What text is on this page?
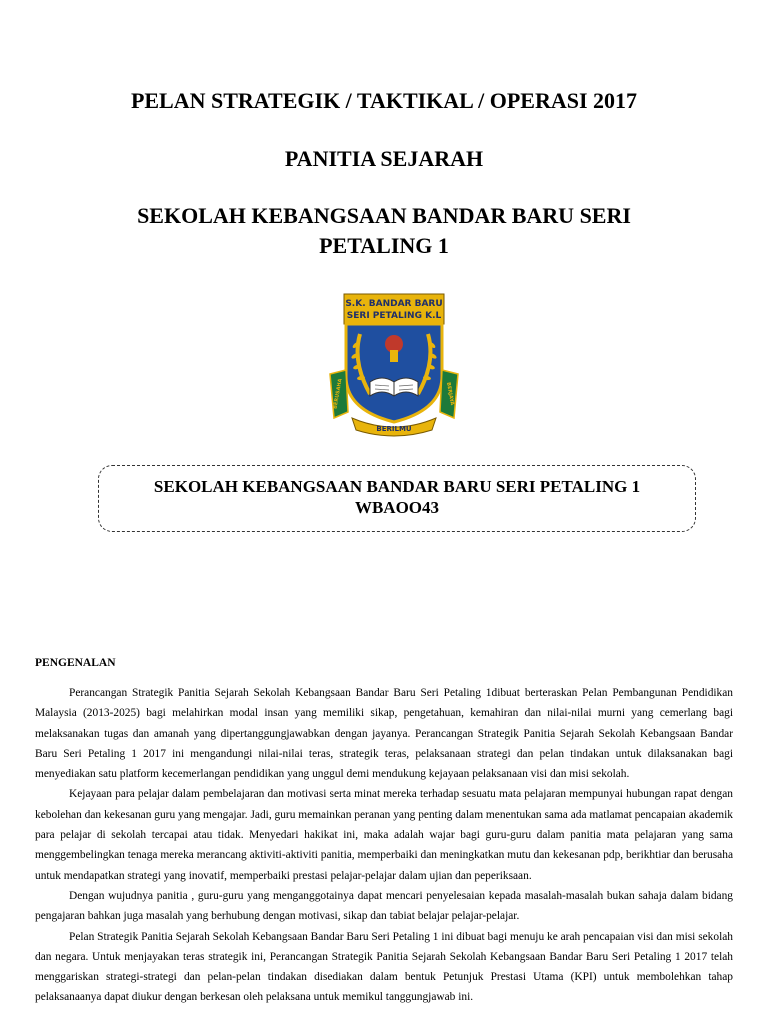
PELAN STRATEGIK / TAKTIKAL / OPERASI 2017
PANITIA SEJARAH
SEKOLAH KEBANGSAAN BANDAR BARU SERI
PETALING 1
S.K. BANDAR BARU
SERI PETALING K.L
BERUSAHA	BERJAYA
BERILMU
SEKOLAH KEBANGSAAN BANDAR BARU SERI PETALING 1
WBAOO43
PENGENALAN

Perancangan Strategik Panitia Sejarah Sekolah Kebangsaan Bandar Baru Seri Petaling 1dibuat berteraskan Pelan Pembangunan Pendidikan Malaysia (2013-2025) bagi melahirkan modal insan yang memiliki sikap, pengetahuan, kemahiran dan nilai-nilai murni yang cemerlang bagi melaksanakan tugas dan amanah yang dipertanggungjawabkan dengan jayanya. Perancangan Strategik Panitia Sejarah Sekolah Kebangsaan Bandar Baru Seri Petaling 1 2017 ini mengandungi nilai-nilai teras, strategik teras, pelaksanaan strategi dan pelan tindakan untuk dilaksanakan bagi menyediakan satu platform kecemerlangan pendidikan yang unggul demi mendukung kejayaan pelaksanaan visi dan misi sekolah.

Kejayaan para pelajar dalam pembelajaran dan motivasi serta minat mereka terhadap sesuatu mata pelajaran mempunyai hubungan rapat dengan kebolehan dan kekesanan guru yang mengajar. Jadi, guru memainkan peranan yang penting dalam menentukan sama ada matlamat pencapaian akademik para pelajar di sekolah tercapai atau tidak. Menyedari hakikat ini, maka adalah wajar bagi guru-guru dalam panitia mata pelajaran yang sama menggembelingkan tenaga mereka merancang aktiviti-aktiviti panitia, memperbaiki dan meningkatkan mutu dan kekesanan pdp, berikhtiar dan berusaha untuk mendapatkan strategi yang inovatif, memperbaiki prestasi pelajar-pelajar dalam ujian dan peperiksaan.

Dengan wujudnya panitia , guru-guru yang menganggotainya dapat mencari penyelesaian kepada masalah-masalah bukan sahaja dalam bidang pengajaran bahkan juga masalah yang berhubung dengan motivasi, sikap dan tabiat belajar pelajar-pelajar.

Pelan Strategik Panitia Sejarah Sekolah Kebangsaan Bandar Baru Seri Petaling 1 ini dibuat bagi menuju ke arah pencapaian visi dan misi sekolah dan negara. Untuk menjayakan teras strategik ini, Perancangan Strategik Panitia Sejarah Sekolah Kebangsaan Bandar Baru Seri Petaling 1 2017 telah menggariskan strategi-strategi dan pelan-pelan tindakan disediakan dalam bentuk Petunjuk Prestasi Utama (KPI) untuk membolehkan tahap pelaksanaanya dapat diukur dengan berkesan oleh pelaksana untuk memikul tanggungjawab ini.
